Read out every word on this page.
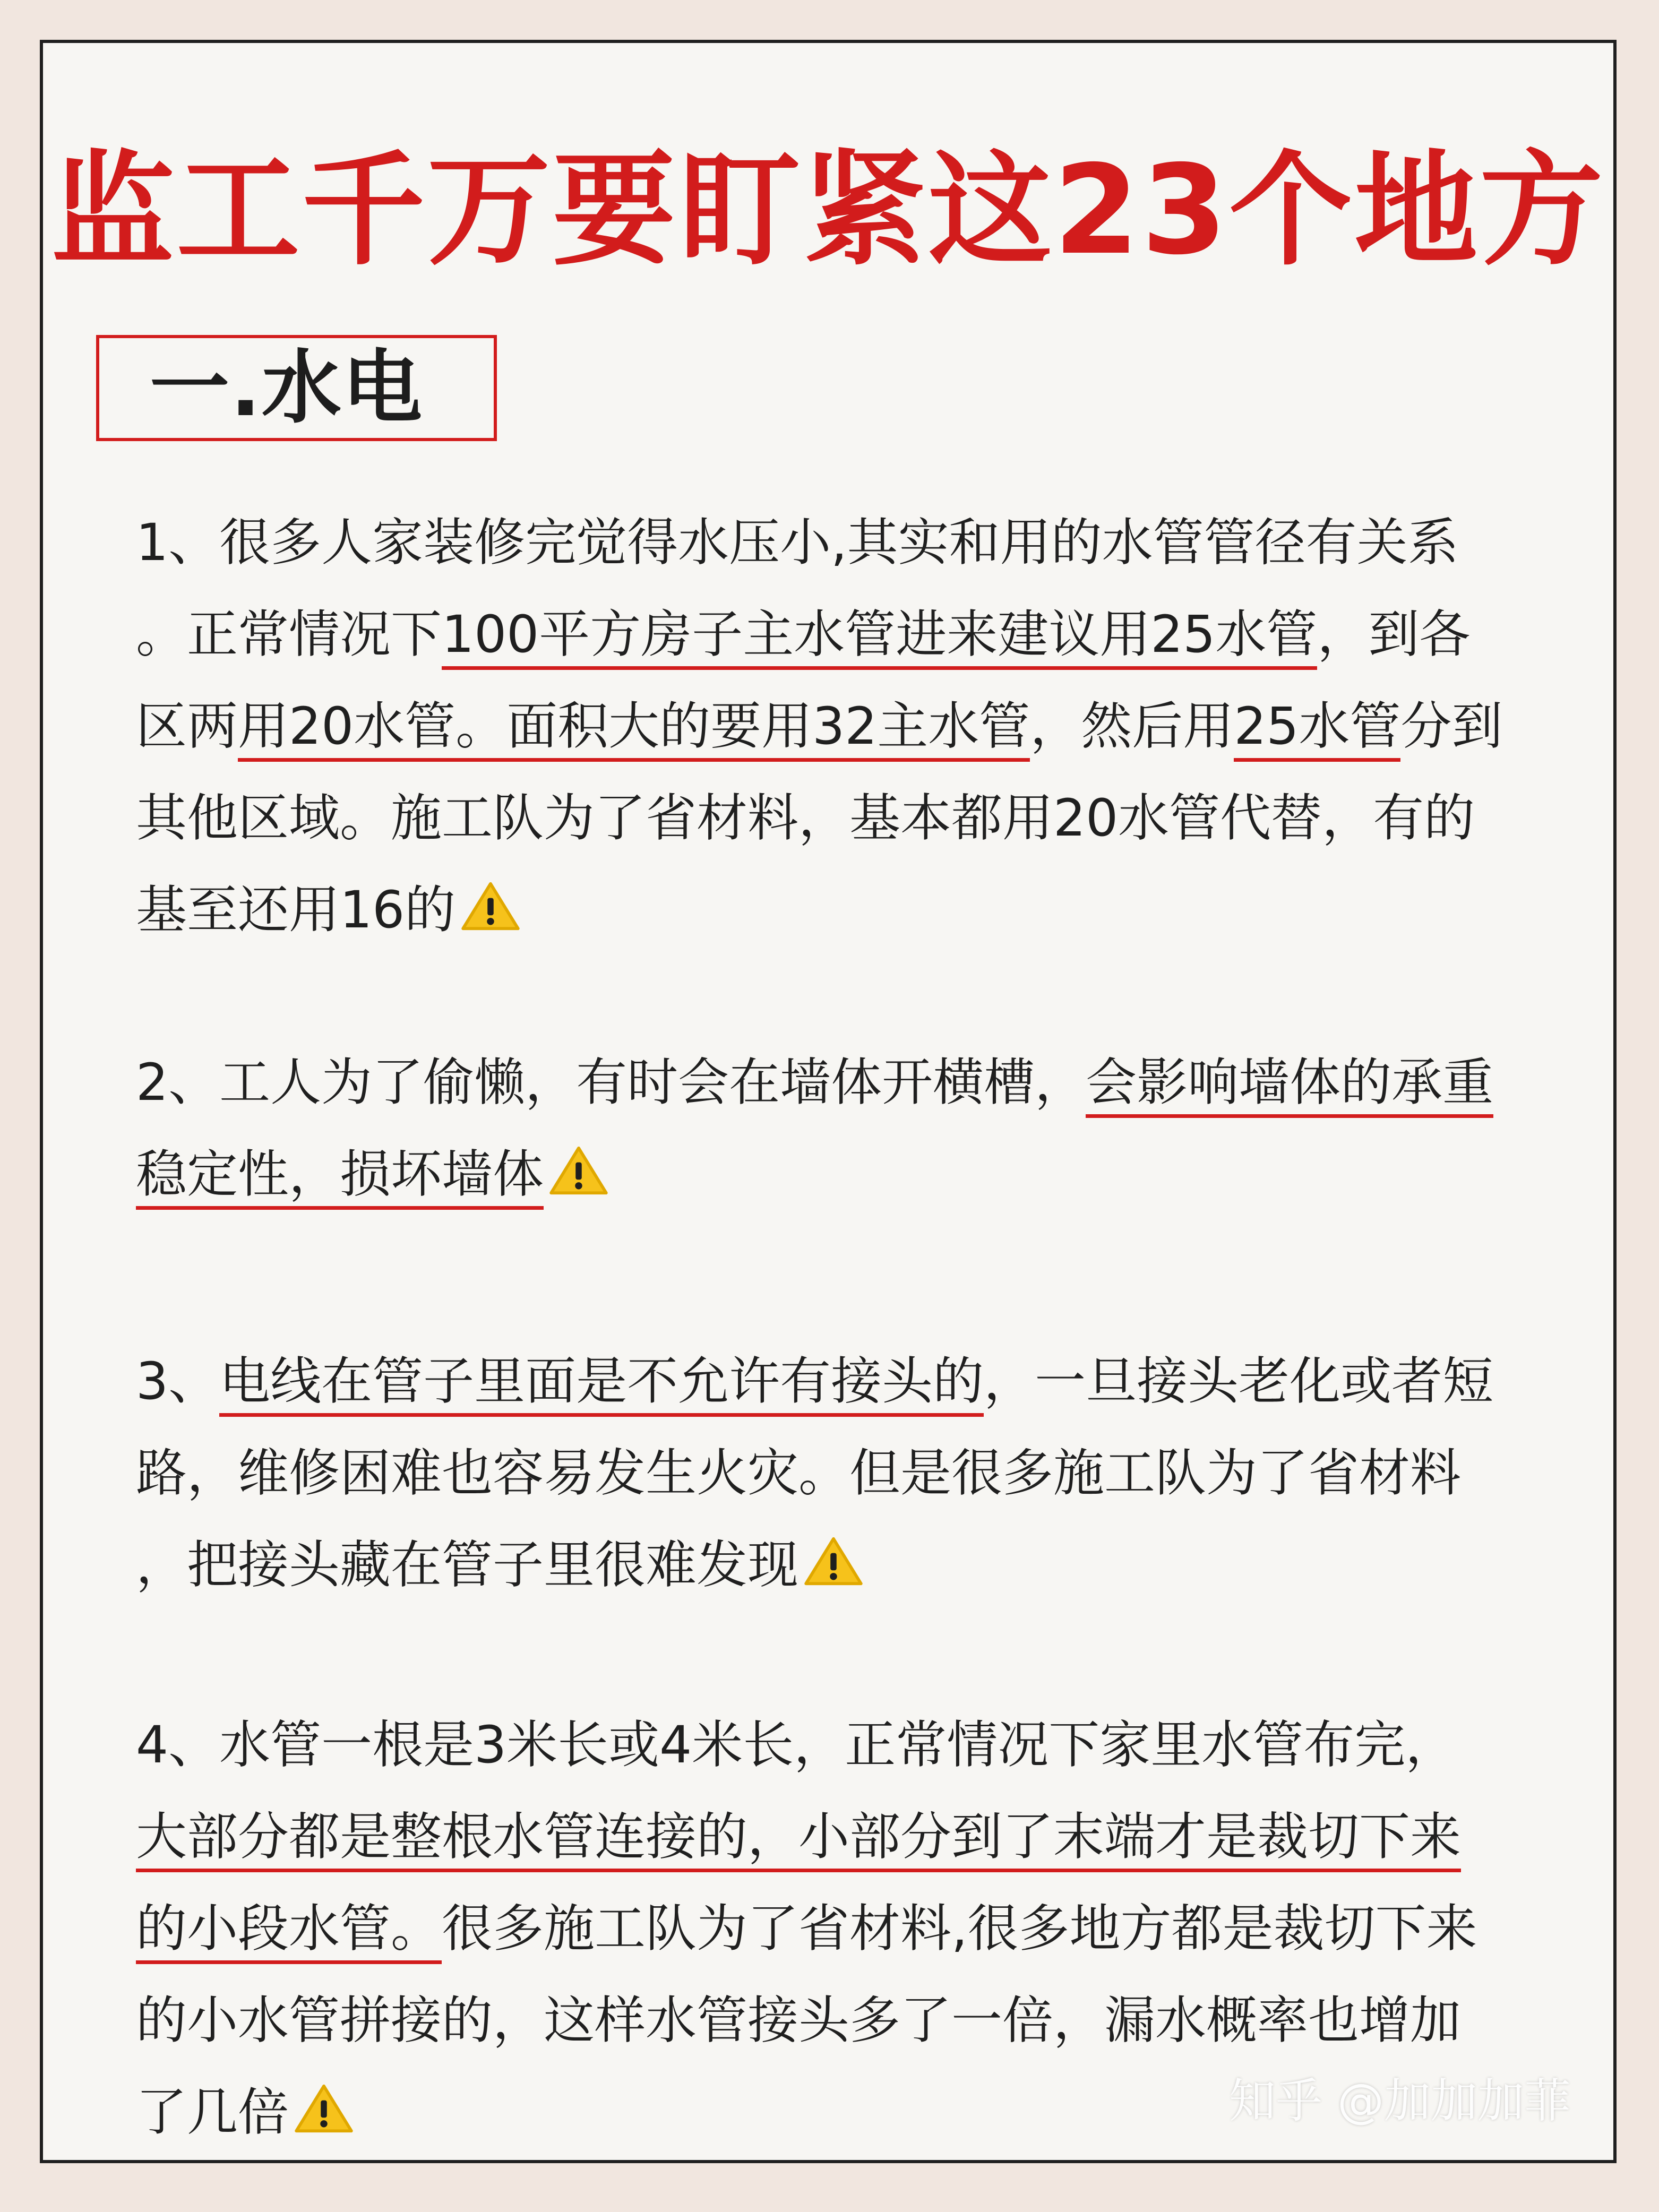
监工千万要盯紧这23个地方
一.水电
1、很多人家装修完觉得水压小,其实和用的水管管径有关系
。正常情况下100平方房子主水管进来建议用25水管，到各
区两用20水管。面积大的要用32主水管，然后用25水管分到
其他区域。施工队为了省材料，基本都用20水管代替，有的
基至还用16的
2、工人为了偷懒，有时会在墙体开横槽，会影响墙体的承重
稳定性，损坏墙体
3、电线在管子里面是不允许有接头的，一旦接头老化或者短
路，维修困难也容易发生火灾。但是很多施工队为了省材料
，把接头藏在管子里很难发现
4、水管一根是3米长或4米长，正常情况下家里水管布完，
大部分都是整根水管连接的，小部分到了末端才是裁切下来
的小段水管。很多施工队为了省材料,很多地方都是裁切下来
的小水管拼接的，这样水管接头多了一倍，漏水概率也增加
了几倍	知乎 @加加加菲
